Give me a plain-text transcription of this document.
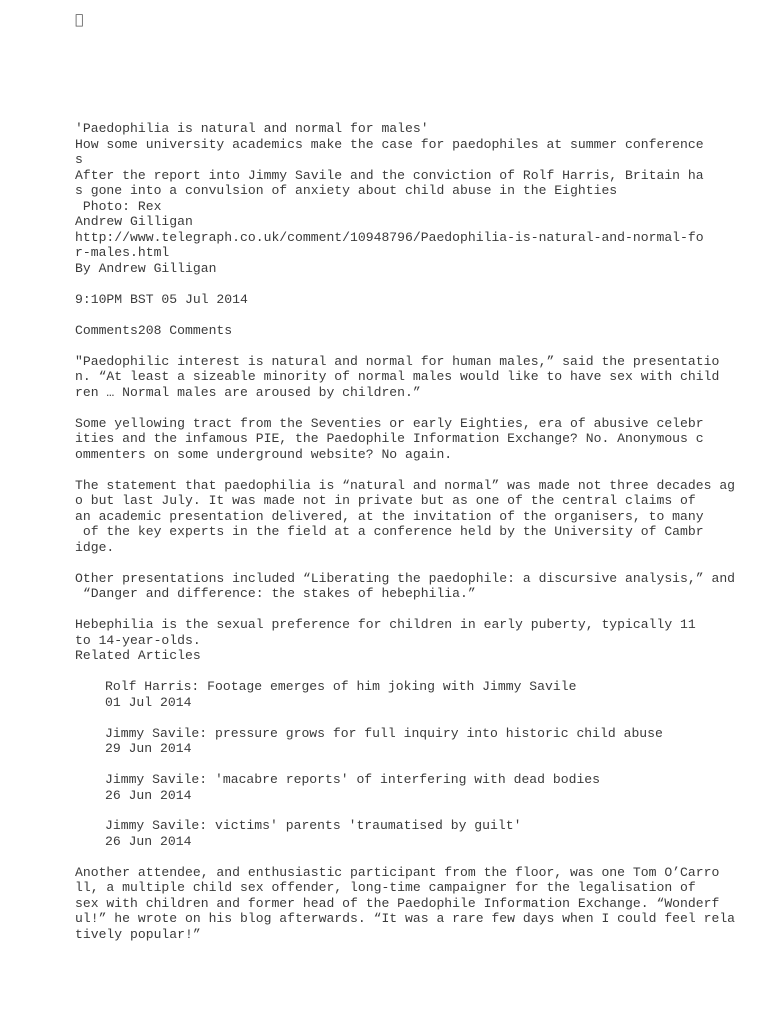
'Paedophilia is natural and normal for males'
How some university academics make the case for paedophiles at summer conference
s
After the report into Jimmy Savile and the conviction of Rolf Harris, Britain ha
s gone into a convulsion of anxiety about child abuse in the Eighties
Photo: Rex
Andrew Gilligan
http://www.telegraph.co.uk/comment/10948796/Paedophilia-is-natural-and-normal-fo
r-males.html
By Andrew Gilligan
9:10PM BST 05 Jul 2014
Comments208 Comments
"Paedophilic interest is natural and normal for human males,” said the presentatio
n. “At least a sizeable minority of normal males would like to have sex with child
ren … Normal males are aroused by children.”
Some yellowing tract from the Seventies or early Eighties, era of abusive celebr
ities and the infamous PIE, the Paedophile Information Exchange? No. Anonymous c
ommenters on some underground website? No again.
The statement that paedophilia is “natural and normal” was made not three decades ag
o but last July. It was made not in private but as one of the central claims of
an academic presentation delivered, at the invitation of the organisers, to many
of the key experts in the field at a conference held by the University of Cambr
idge.
Other presentations included “Liberating the paedophile: a discursive analysis,” and
“Danger and difference: the stakes of hebephilia.”
Hebephilia is the sexual preference for children in early puberty, typically 11
to 14-year-olds.
Related Articles
Rolf Harris: Footage emerges of him joking with Jimmy Savile
01 Jul 2014
Jimmy Savile: pressure grows for full inquiry into historic child abuse
29 Jun 2014
Jimmy Savile: 'macabre reports' of interfering with dead bodies
26 Jun 2014
Jimmy Savile: victims' parents 'traumatised by guilt'
26 Jun 2014
Another attendee, and enthusiastic participant from the floor, was one Tom O’Carro
ll, a multiple child sex offender, long-time campaigner for the legalisation of
sex with children and former head of the Paedophile Information Exchange. “Wonderf
ul!” he wrote on his blog afterwards. “It was a rare few days when I could feel rela
tively popular!”
